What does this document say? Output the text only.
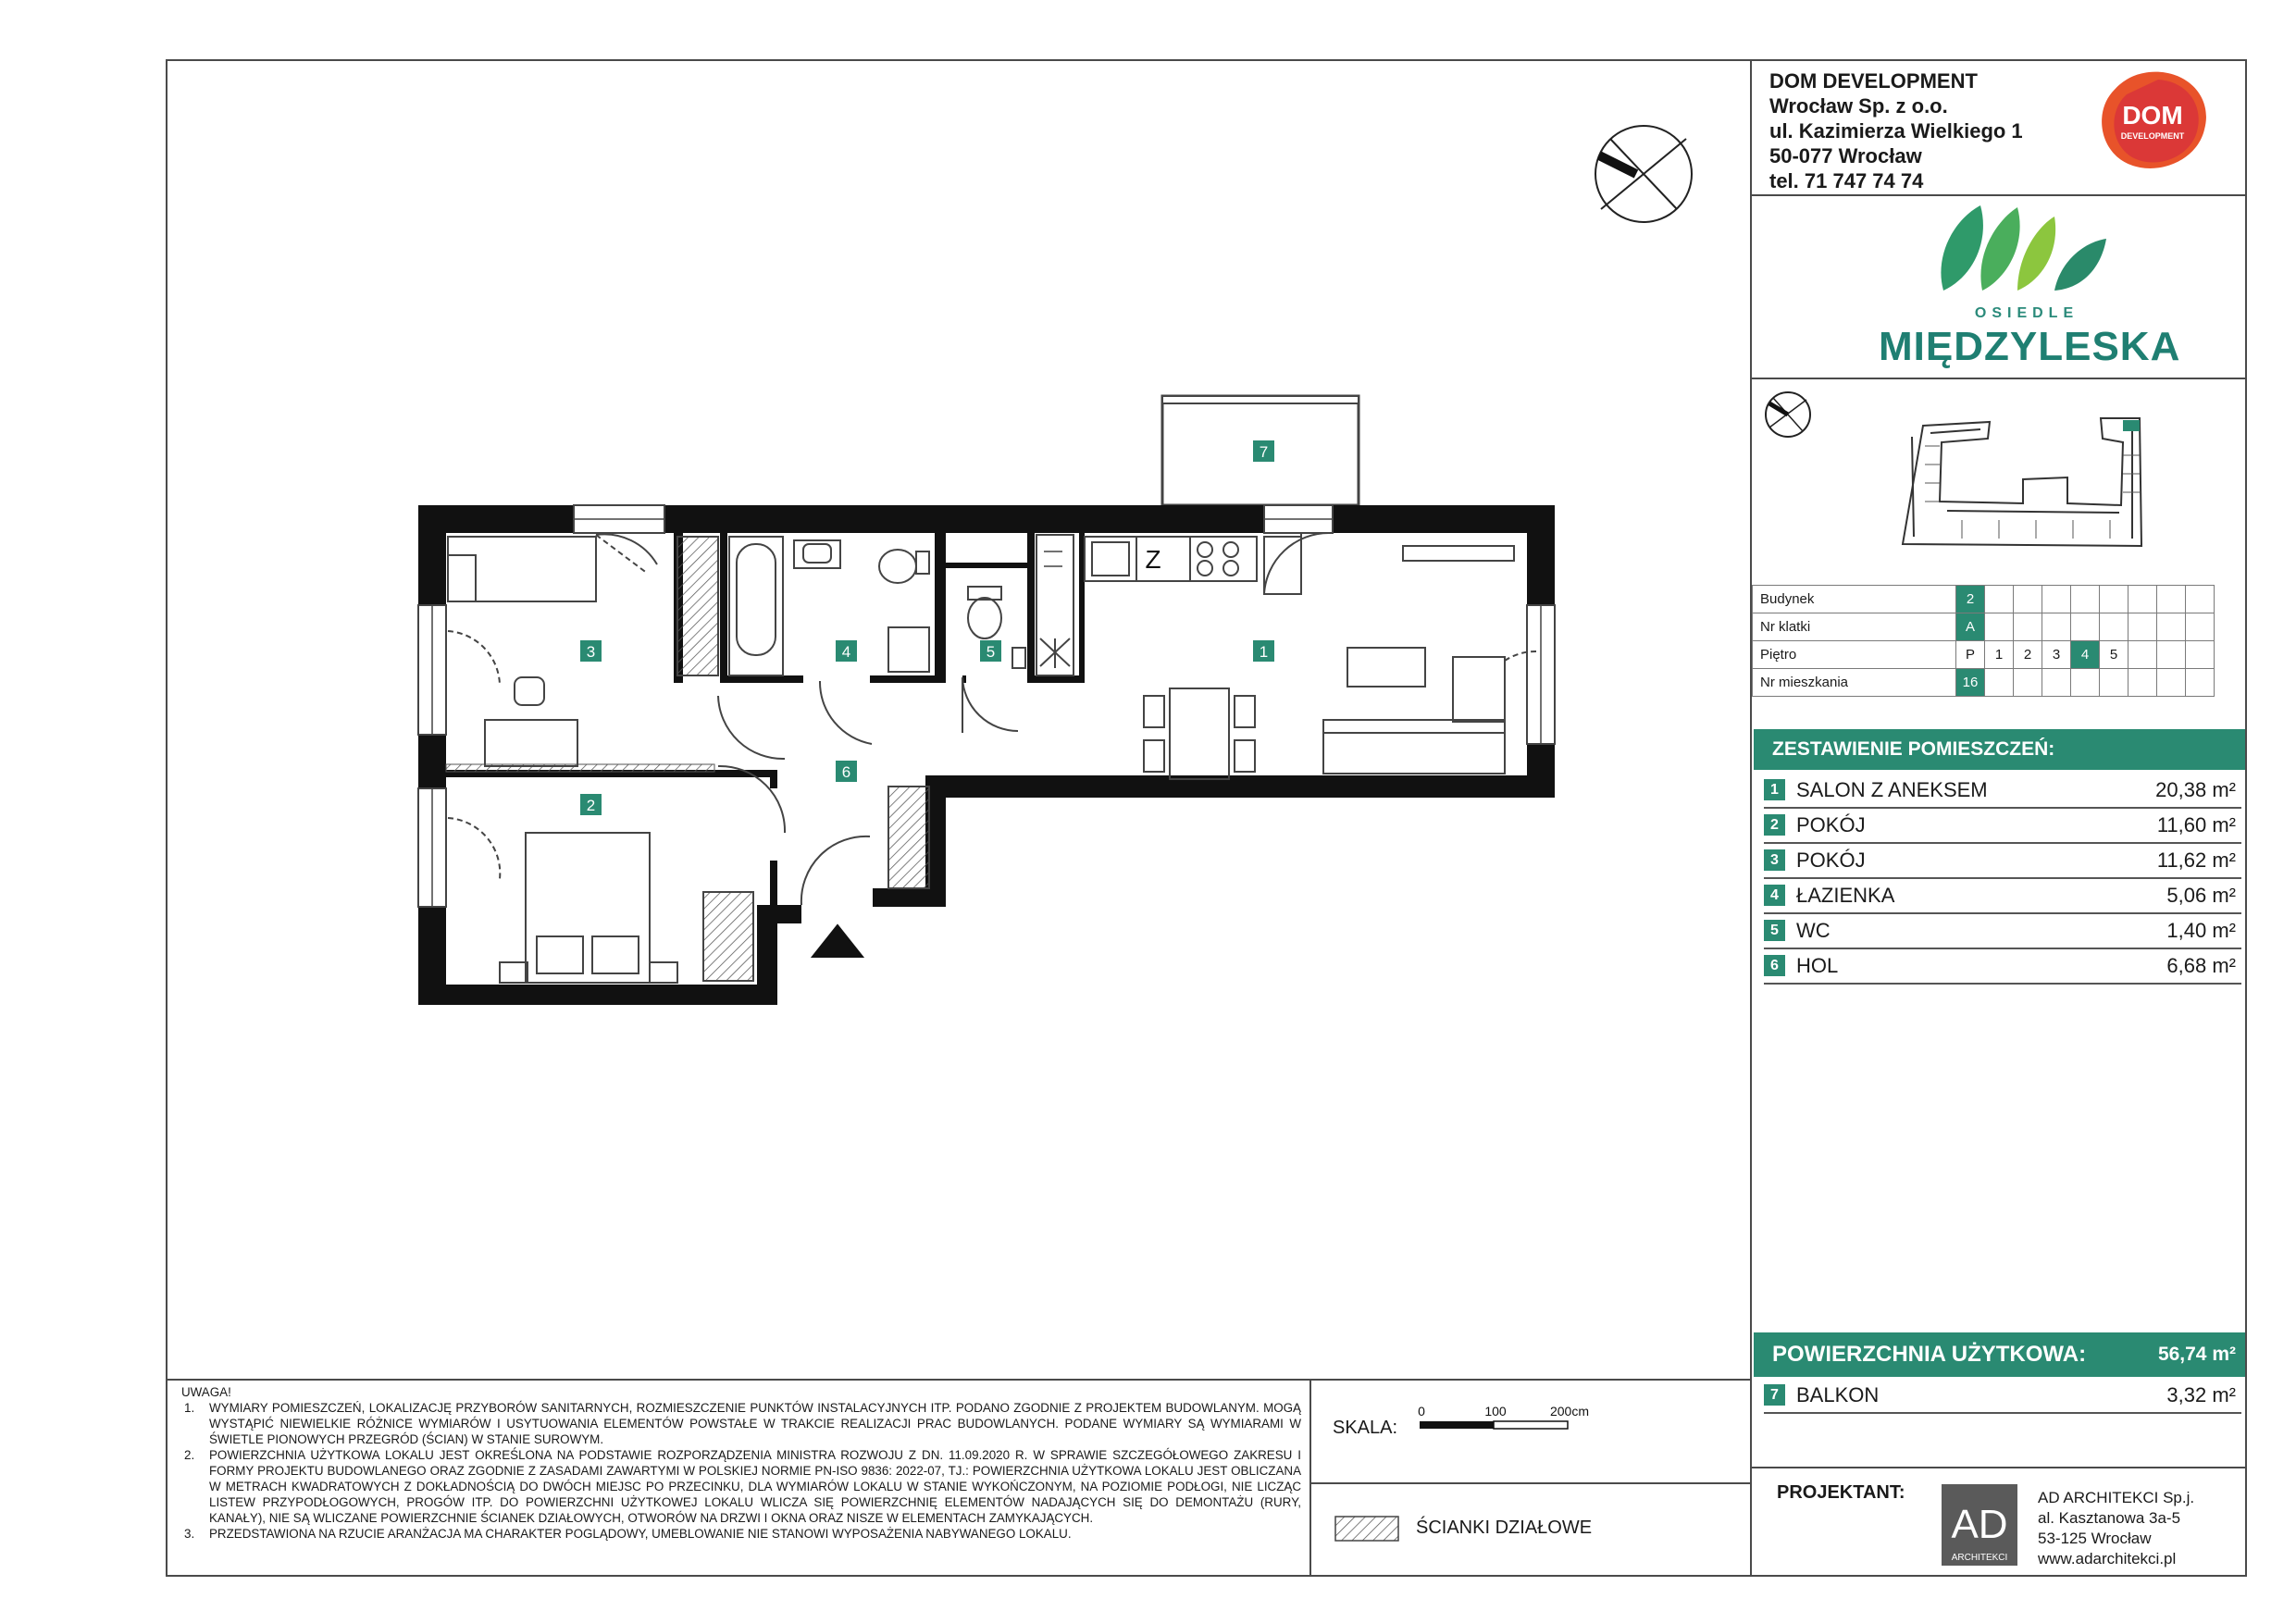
Z
3
2
4	5	1
6
7
DOM DEVELOPMENT
Wrocław Sp. z o.o.
ul. Kazimierza Wielkiego 1
50-077 Wrocław
tel. 71 747 74 74
DOM
DEVELOPMENT
OSIEDLE
MIĘDZYLESKA
Budynek	2								
Nr klatki	A								
Piętro	P	1	2	3	4	5			
Nr mieszkania	16								
ZESTAWIENIE POMIESZCZEŃ:
1 SALON Z ANEKSEM	20,38 m²
2 POKÓJ	11,60 m²
3 POKÓJ	11,62 m²
4 ŁAZIENKA	5,06 m²
5 WC	1,40 m²
6 HOL	6,68 m²
POWIERZCHNIA UŻYTKOWA:	56,74 m²
7 BALKON	3,32 m²
PROJEKTANT:
AD
ARCHITEKCI
AD ARCHITEKCI Sp.j.
al. Kasztanowa 3a-5
53-125 Wrocław
www.adarchitekci.pl
UWAGA!
1. WYMIARY POMIESZCZEŃ, LOKALIZACJĘ PRZYBORÓW SANITARNYCH, ROZMIESZCZENIE PUNKTÓW INSTALACYJNYCH ITP. PODANO ZGODNIE Z PROJEKTEM BUDOWLANYM. MOGĄ WYSTĄPIĆ NIEWIELKIE RÓŻNICE WYMIARÓW I USYTUOWANIA ELEMENTÓW POWSTAŁE W TRAKCIE REALIZACJI PRAC BUDOWLANYCH. PODANE WYMIARY SĄ WYMIARAMI W ŚWIETLE PIONOWYCH PRZEGRÓD (ŚCIAN) W STANIE SUROWYM.
2. POWIERZCHNIA UŻYTKOWA LOKALU JEST OKREŚLONA NA PODSTAWIE ROZPORZĄDZENIA MINISTRA ROZWOJU Z DN. 11.09.2020 R. W SPRAWIE SZCZEGÓŁOWEGO ZAKRESU I FORMY PROJEKTU BUDOWLANEGO ORAZ ZGODNIE Z ZASADAMI ZAWARTYMI W POLSKIEJ NORMIE PN-ISO 9836: 2022-07, TJ.: POWIERZCHNIA UŻYTKOWA LOKALU JEST OBLICZANA W METRACH KWADRATOWYCH Z DOKŁADNOŚCIĄ DO DWÓCH MIEJSC PO PRZECINKU, DLA WYMIARÓW LOKALU W STANIE WYKOŃCZONYM, NA POZIOMIE PODŁOGI, NIE LICZĄC LISTEW PRZYPODŁOGOWYCH, PROGÓW ITP. DO POWIERZCHNI UŻYTKOWEJ LOKALU WLICZA SIĘ POWIERZCHNIĘ ELEMENTÓW NADAJĄCYCH SIĘ DO DEMONTAŻU (RURY, KANAŁY), NIE SĄ WLICZANE POWIERZCHNIE ŚCIANEK DZIAŁOWYCH, OTWORÓW NA DRZWI I OKNA ORAZ NISZE W ELEMENTACH ZAMYKAJĄCYCH.
3. PRZEDSTAWIONA NA RZUCIE ARANŻACJA MA CHARAKTER POGLĄDOWY, UMEBLOWANIE NIE STANOWI WYPOSAŻENIA NABYWANEGO LOKALU.
SKALA:
0	100	200cm
ŚCIANKI DZIAŁOWE
